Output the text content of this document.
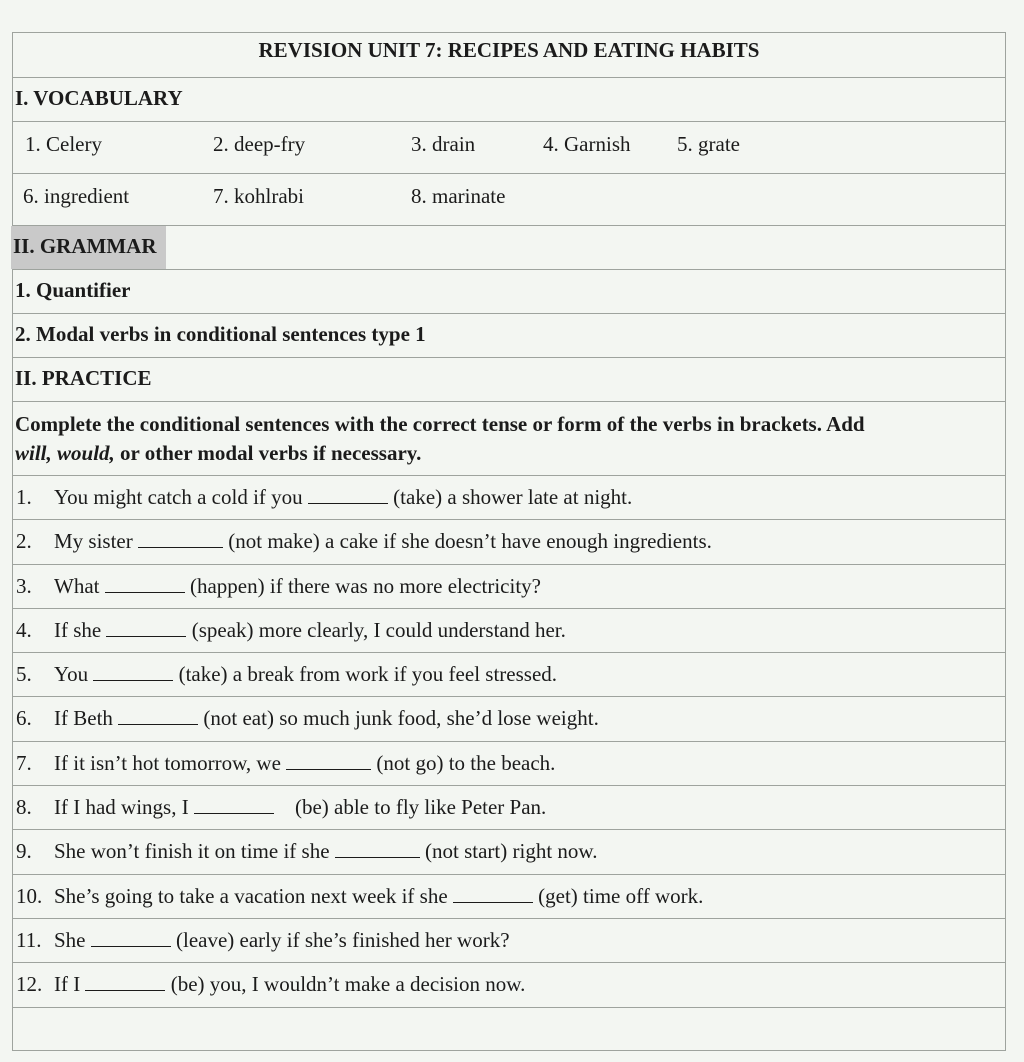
REVISION UNIT 7: RECIPES AND EATING HABITS
I. VOCABULARY
1. Celery	2. deep-fry	3. drain	4. Garnish 5. grate
6. ingredient	7. kohlrabi	8. marinate
II. GRAMMAR
1. Quantifier
2. Modal verbs in conditional sentences type 1
II. PRACTICE
Complete the conditional sentences with the correct tense or form of the verbs in brackets. Add
will, would, or other modal verbs if necessary.
1. You might catch a cold if you	(take) a shower late at night.
2. My sister	(not make) a cake if she doesn’t have enough ingredients.
3. What	(happen) if there was no more electricity?
4. If she	(speak) more clearly, I could understand her.
5. You	(take) a break from work if you feel stressed.
6. If Beth	(not eat) so much junk food, she’d lose weight.
7. If it isn’t hot tomorrow, we	(not go) to the beach.
8. If I had wings, I	(be) able to fly like Peter Pan.
9. She won’t finish it on time if she	(not start) right now.
10. She’s going to take a vacation next week if she	(get) time off work.
11. She	(leave) early if she’s finished her work?
12. If I	(be) you, I wouldn’t make a decision now.
